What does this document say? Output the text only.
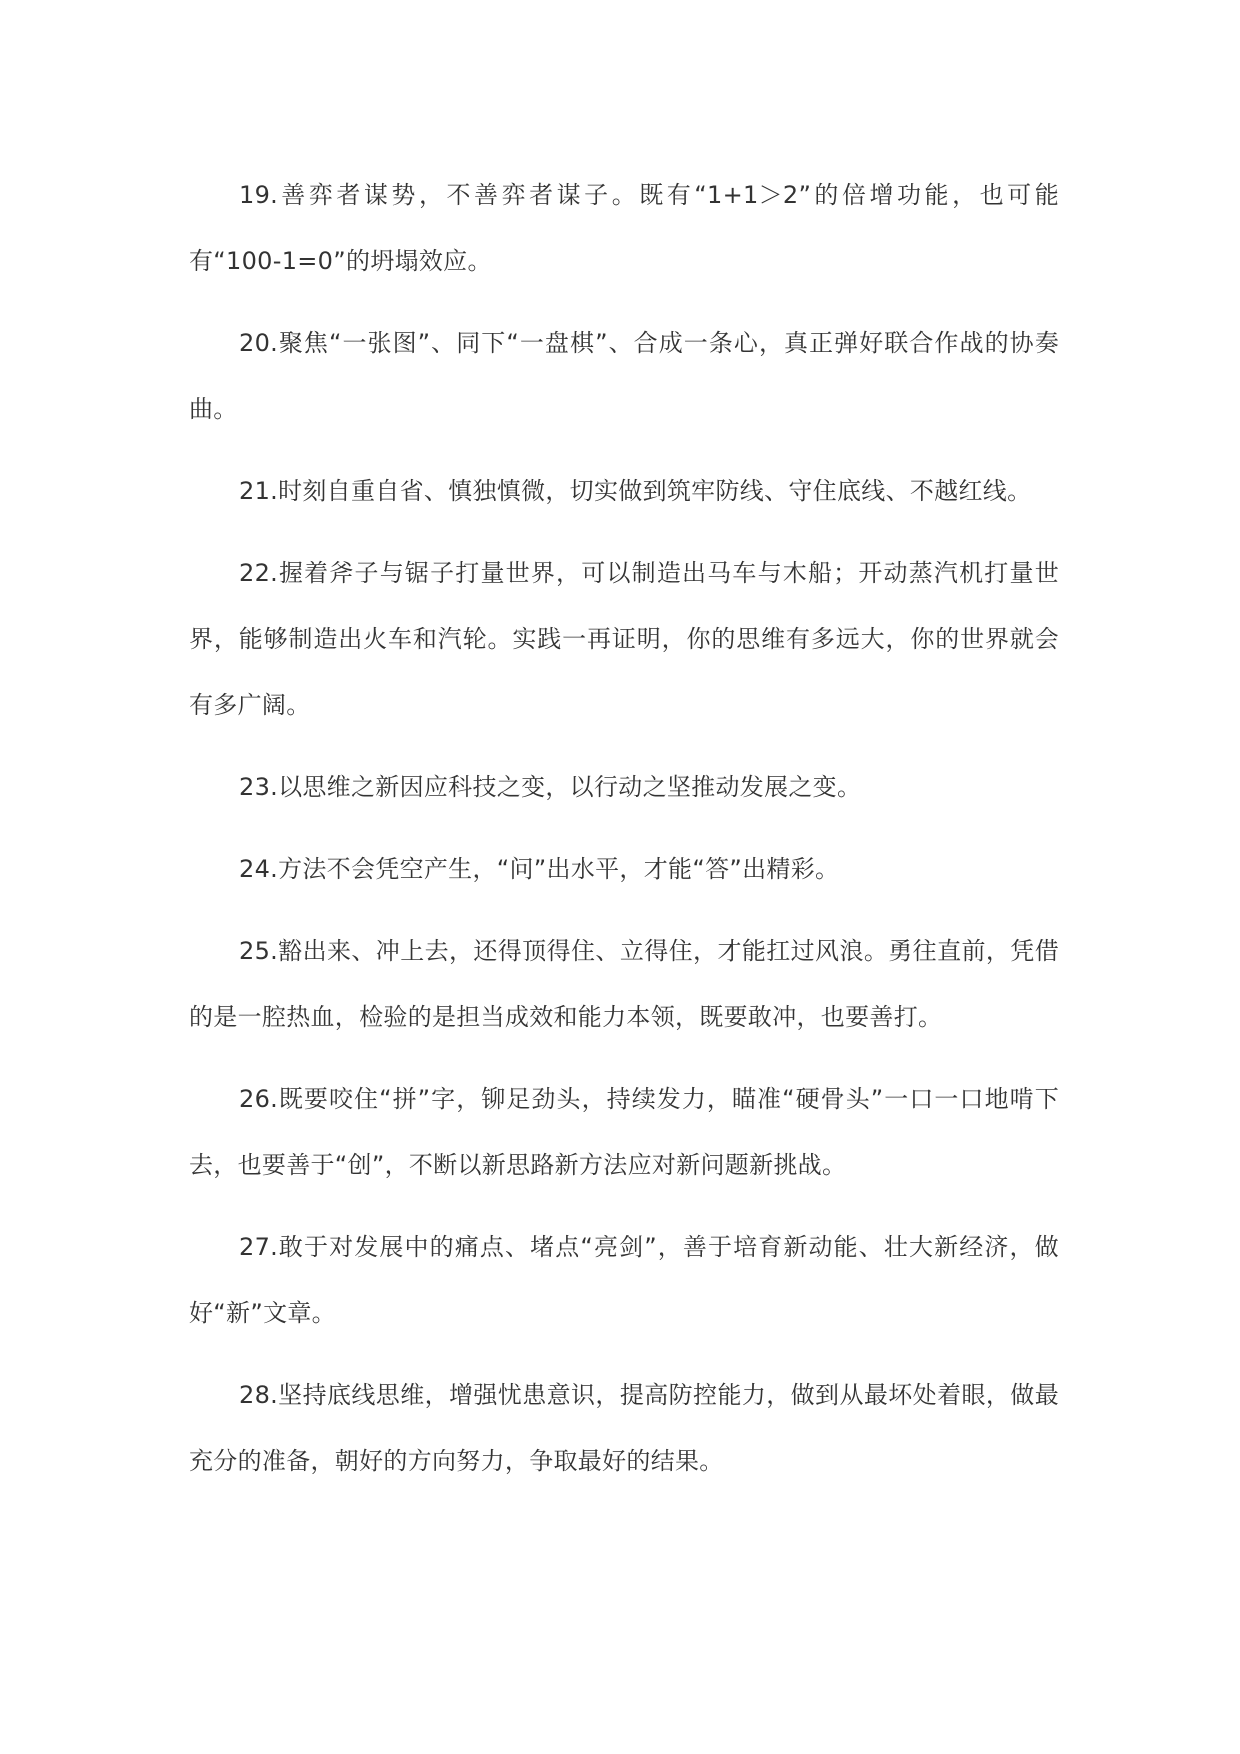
19.善弈者谋势，不善弈者谋子。既有“1+1＞2”的倍增功能，也可能有“100-1=0”的坍塌效应。

20.聚焦“一张图”、同下“一盘棋”、合成一条心，真正弹好联合作战的协奏曲。

21.时刻自重自省、慎独慎微，切实做到筑牢防线、守住底线、不越红线。

22.握着斧子与锯子打量世界，可以制造出马车与木船；开动蒸汽机打量世界，能够制造出火车和汽轮。实践一再证明，你的思维有多远大，你的世界就会有多广阔。

23.以思维之新因应科技之变，以行动之坚推动发展之变。

24.方法不会凭空产生，“问”出水平，才能“答”出精彩。

25.豁出来、冲上去，还得顶得住、立得住，才能扛过风浪。勇往直前，凭借的是一腔热血，检验的是担当成效和能力本领，既要敢冲，也要善打。

26.既要咬住“拼”字，铆足劲头，持续发力，瞄准“硬骨头”一口一口地啃下去，也要善于“创”，不断以新思路新方法应对新问题新挑战。

27.敢于对发展中的痛点、堵点“亮剑”，善于培育新动能、壮大新经济，做好“新”文章。

28.坚持底线思维，增强忧患意识，提高防控能力，做到从最坏处着眼，做最充分的准备，朝好的方向努力，争取最好的结果。
